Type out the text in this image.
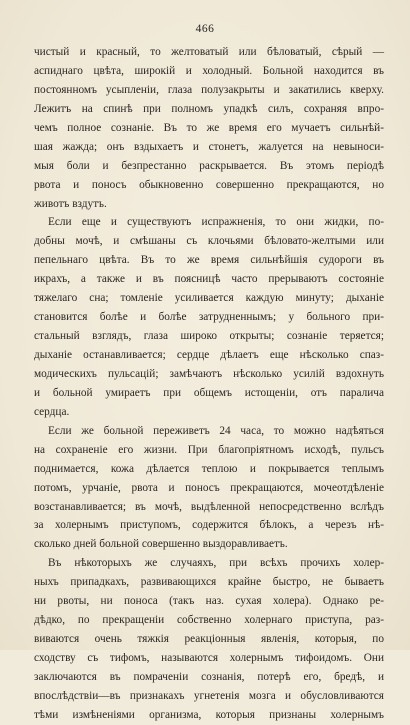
466
чистый и красный, то желтоватый или бѣловатый, сѣрый —
аспиднаго цвѣта, широкій и холодный. Больной находится въ
постоянномъ усыпленіи, глаза полузакрыты и закатились кверху.
Лежитъ на спинѣ при полномъ упадкѣ силъ, сохраняя впро-
чемъ полное сознаніе. Въ то же время его мучаетъ сильнѣй-
шая жажда; онъ вздыхаетъ и стонетъ, жалуется на невыноси-
мыя боли и безпрестанно раскрывается. Въ этомъ періодѣ
рвота и поносъ обыкновенно совершенно прекращаются, но
животъ вздутъ.
Если еще и существуютъ испражненія, то они жидки, по-
добны мочѣ, и смѣшаны съ клочьями бѣловато-желтыми или
пепельнаго цвѣта. Въ то же время сильнѣйшія судороги въ
икрахъ, а также и въ поясницѣ часто прерываютъ состояніе
тяжелаго сна; томленіе усиливается каждую минуту; дыханіе
становится болѣе и болѣе затрудненнымъ; у больного при-
стальный взглядъ, глаза широко открыты; сознаніе теряется;
дыханіе останавливается; сердце дѣлаетъ еще нѣсколько спаз-
модическихъ пульсацій; замѣчаютъ нѣсколько усилій вздохнуть
и больной умираетъ при общемъ истощеніи, отъ паралича
сердца.
Если же больной переживетъ 24 часа, то можно надѣяться
на сохраненіе его жизни. При благопріятномъ исходѣ, пульсъ
поднимается, кожа дѣлается теплою и покрывается теплымъ
потомъ, урчаніе, рвота и поносъ прекращаются, мочеотдѣленіе
возстанавливается; въ мочѣ, выдѣленной непосредственно вслѣдъ
за холернымъ приступомъ, содержится бѣлокъ, а черезъ нѣ-
сколько дней больной совершенно выздоравливаетъ.
Въ нѣкоторыхъ же случаяхъ, при всѣхъ прочихъ холер-
ныхъ припадкахъ, развивающихся крайне быстро, не бываетъ
ни рвоты, ни поноса (такъ наз. сухая холера). Однако ре-
дѣдко, по прекращеніи собственно холернаго приступа, раз-
виваются очень тяжкія реакціонныя явленія, которыя, по
сходству съ тифомъ, называются холернымъ тифоидомъ. Они
заключаются въ помраченіи сознанія, потерѣ его, бредѣ, и
впослѣдствіи—въ признакахъ угнетенія мозга и обусловливаются
тѣми измѣненіями организма, которыя признаны холернымъ
